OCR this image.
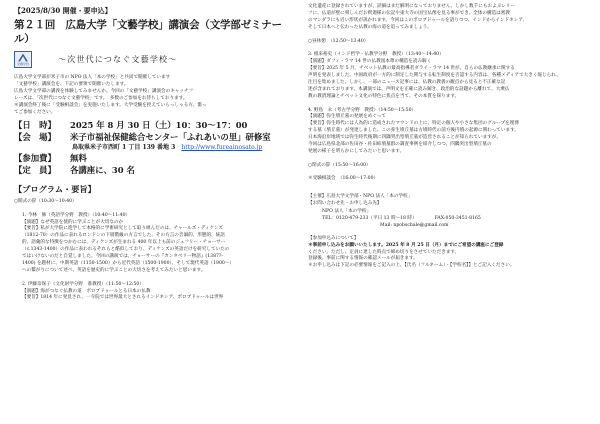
【2025/8/30 開催・要申込】
第２１回　広島大学「文藝学校」講演会（文学部ゼミナール）
文藝学校	～次世代につなぐ文藝学校～

広島大学文学部が米子市の NPO 法人「本の学校」と共同で開催しています

「文藝学校」講演会を、下記の要領で開催いたします。

広島大学文学部の講義を体験してみませんか。今回の「文藝学校」講演会のキャッチフ

レーズは、「次世代につなぐ文藝学校」です。　多数のご参加をお待ちしております。

＊講演会終了後に「受験相談会」を実施いたします。大学受験を控えていらっしゃる方、奮っ

てご参加ください。

【日　時】	2025 年 8 月 30 日（土）10：30～17：00
【会　場】	米子市福祉保健総合センター「ふれあいの里」研修室
鳥取県米子市西町 1 丁目 139 番地 3 http://www.fureainosato.jp
【参加費】	無料
【定　員】	各講座に、30 名
【プログラム・要旨】
○開式の辞（10:30～10:40）
1. 今林　修（英語学分野　教授）（10:40～11:40）
【演題】なぜ英語を使的に学ぶことが大切なのか
【要旨】私が大学院に進学して本格的に学術研究として取り組んだのは、チャールズ・ディケンズ
（1812-70）の作品に表れるロンドンの下層階級の方言でした。その方言の音韻的、形態的、統語
的、語彙的な特徴をつかむには、ディケンズが生まれる 400 年以上も前のジェフリー・チョーサー
（c.1343-1400）の作品に表われるそれらと酷似しており、ディケンズの英語だけを研究していたの
ではいけないのだと自覚しました。今回の講演では、チョーサーの『カンタベリー物語』(1387?-
1400) を題材に、中期英語（1150-1500）から近代英語（1500-1900）、そして現代英語（1900～）
への繋がりについて述べ、英語を歴史的に学ぶことの大切さを考えてみたいと思います。
2. 伊藤奈保子（文化財学分野　准教授）（11:50～12:50）
【演題】海がつなぐ仏教の道　ボロブドゥールとる日本の仏教
【要旨】1814 年に発見され、一寺院では世界最大とされるインドネシア、ボロブドゥールは世界
文化遺産に登録されていますが、詳細はまだ解明になっておりません。しかし数千にもおよぶレリー
フに、仏道が壁に刻しんだお釈迦様の伝記や東大寺の国宝仏像を見る事ができ、全体の構造は密教
のマンダラにも近い形状が説かれます。今回はこのボロブドゥールを語りつつ、インドからインドネシア、
そして日本へと伝わった仏教の海の道を追ってみましょう。
○昼休憩　（12:50～13:40）
3. 根来裕史（インド哲学・仏教学分野　教授）（13:40～14:40）
【演題】ダフィ・ラマ 14 世の仏教図本尊の構造を読み解く
【要旨】2025 年 5 月、チベット仏教の最高指導者ダライ・ラマ 14 世が、自らの仏教継承に関する
声明を発表しました。中国政府が一方的に制定した関与する転生制度を否認する内容は、各種メディアで大きく報じられ、
注目を集めました。しかし、一部のニュース記事には、仏教の教義の観点から見ると不正確な記
述が含まれております。本講演では、声明文を正確に読み解き、政治的な話題から離れて、大乗仏
教の教済理論とチベット文化の特色に焦点を当て、その本質を探ります。
4. 野島　永（考古学分野　教授）（14:50～15:50）
【演題】弥生墳丘墓の発展をめぐって
【要旨】弥生時代には人為的に造成されたマウンドの上に、特定の個人や小さな集団のグループを埋葬
する墓（墳丘墓）が発達しました。この弥生墳丘墓は古墳時代の前方後円墳の起源に関わっています。
日本海沿岸地域では弥生時代後期に四隅突出型墳丘墓が造営されることが知られていますが、
今回は広島県北部の佐田谷・佐田峠墳墓群の調査事例を紹介しつつ、四隅突出型墳丘墓の
発展の様子を明らかにしてみたいと思います。
○閉式の辞（15:50～16:00）
＊受験相談会　（16:00～17:00）
【主催】広島大学文学部・NPO 法人「本の学校」
【お問い合わせ先・お申し込み先】
NPO 法人「本の学校」
TEL：0120-479-233（平日 13 時～18 時）	FAX:050-3451-8165
Mail: npobschale@gmail.com
【参加申込みについて】
＊事前申し込みをお願いいたします。2025 年 8 月 25 日（月）までにご希望の講座にご登録
ください。ただし、定員に達した時点で締め切りをさせていただきます。
登録後、事前に関する情報の確認メールが届きます。
＊お申し込みは下記の必要情報をご記入の上、【氏名（フルネーム）・【学校名】】とご記入ください。
